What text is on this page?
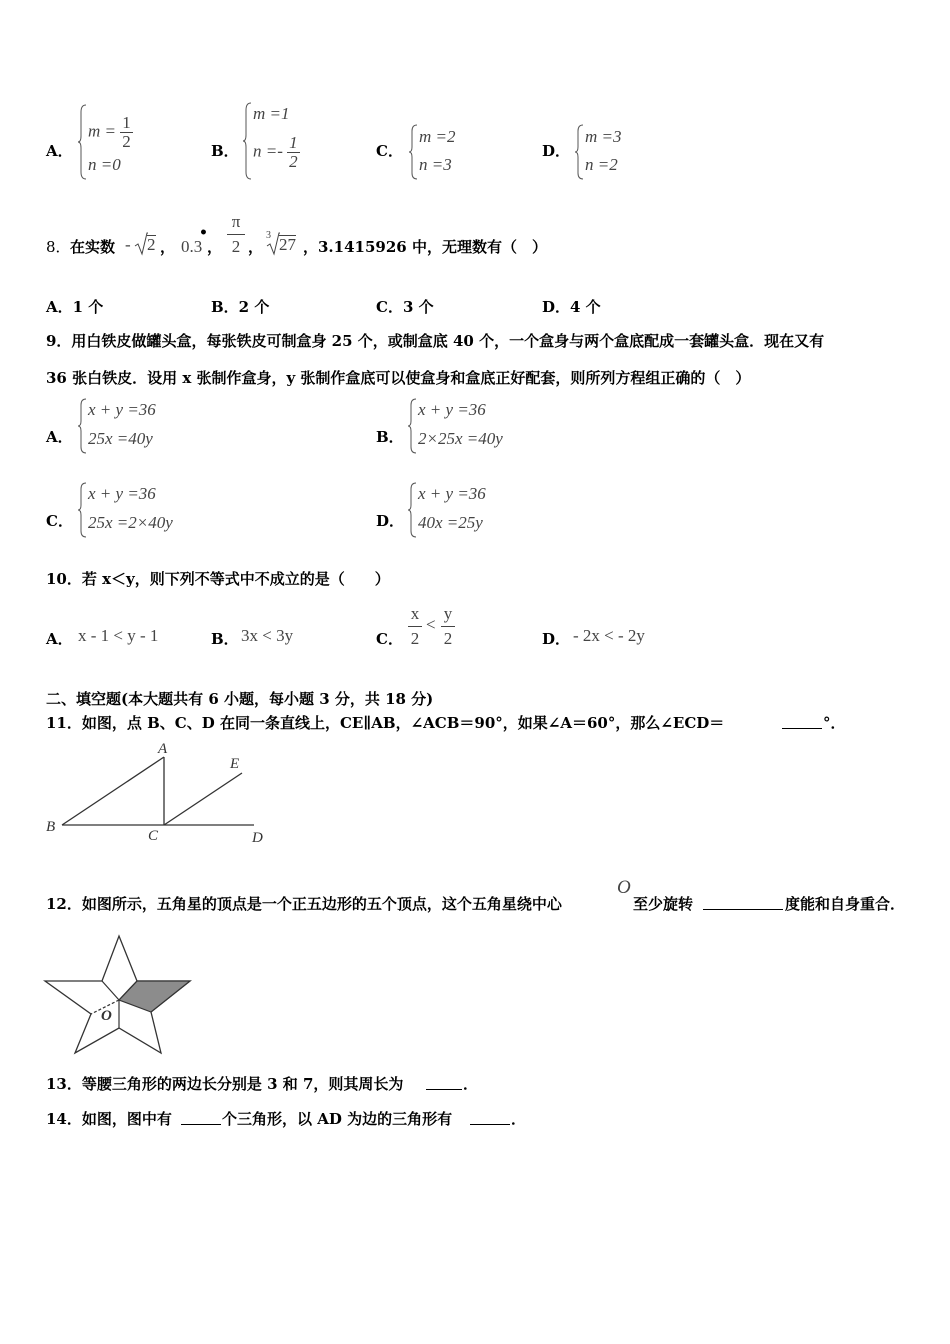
A．
$m = \frac{1}{2}$
n =0
B．
m =1
$n =- \frac{1}{2}$	C．
m =2
n =3
D．
m =3
n =2
8． 在实数 - 2 ，
•
0.3 ，
π
2 ，
3 27 ，3.1415926 中，无理数有（　）
A．1 个	B．2 个	C．3 个	D．4 个
9．用白铁皮做罐头盒，每张铁皮可制盒身 25 个，或制盒底 40 个，一个盒身与两个盒底配成一套罐头盒．现在又有
36 张白铁皮．设用 x 张制作盒身，y 张制作盒底可以使盒身和盒底正好配套，则所列方程组正确的（　）
A．
x + y =36
25x =40y	B．
x + y =36
2×25x =40y
C．
x + y =36
25x =2×40y	D．
x + y =36
40x =25y
10．若 x＜y，则下列不等式中不成立的是（　　）
A． x - 1 < y - 1	B． 3x < 3y	C．
x
2
<
y
2	D． - 2x < - 2y
二、填空题(本大题共有 6 小题，每小题 3 分，共 18 分)
11．如图，点 B、C、D 在同一条直线上，CE∥AB，∠ACB＝90°，如果∠A＝60°，那么∠ECD＝	°．
A
B
C	D
E
12．如图所示，五角星的顶点是一个正五边形的五个顶点，这个五角星绕中心
O
至少旋转	度能和自身重合．
O
13．等腰三角形的两边长分别是 3 和 7，则其周长为	．
14．如图，图中有	个三角形，以 AD 为边的三角形有	．
